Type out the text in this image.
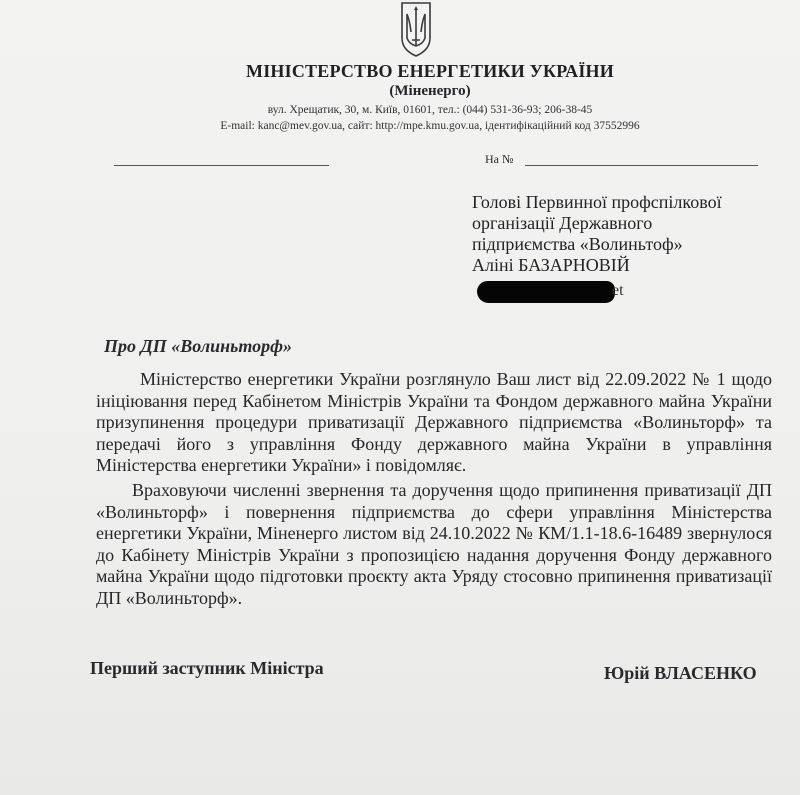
МІНІСТЕРСТВО ЕНЕРГЕТИКИ УКРАЇНИ
(Міненерго)
вул. Хрещатик, 30, м. Київ, 01601, тел.: (044) 531-36-93; 206-38-45
E-mail: kanc@mev.gov.ua, сайт: http://mpe.kmu.gov.ua, ідентифікаційний код 37552996
На №
Голові Первинної профспілкової
організації Державного
підприємства «Волиньтоф»
Аліні БАЗАРНОВІЙ
et
Про ДП «Волиньторф»
Міністерство енергетики України розглянуло Ваш лист від 22.09.2022 № 1 щодо ініціювання перед Кабінетом Міністрів України та Фондом державного майна України призупинення процедури приватизації Державного підприємства «Волиньторф» та передачі його з управління Фонду державного майна України в управління Міністерства енергетики України» і повідомляє.
Враховуючи численні звернення та доручення щодо припинення приватизації ДП «Волиньторф» і повернення підприємства до сфери управління Міністерства енергетики України, Міненерго листом від 24.10.2022 № КМ/1.1-18.6-16489 звернулося до Кабінету Міністрів України з пропозицією надання доручення Фонду державного майна України щодо підготовки проєкту акта Уряду стосовно припинення приватизації ДП «Волиньторф».
Перший заступник Міністра	Юрій ВЛАСЕНКО
